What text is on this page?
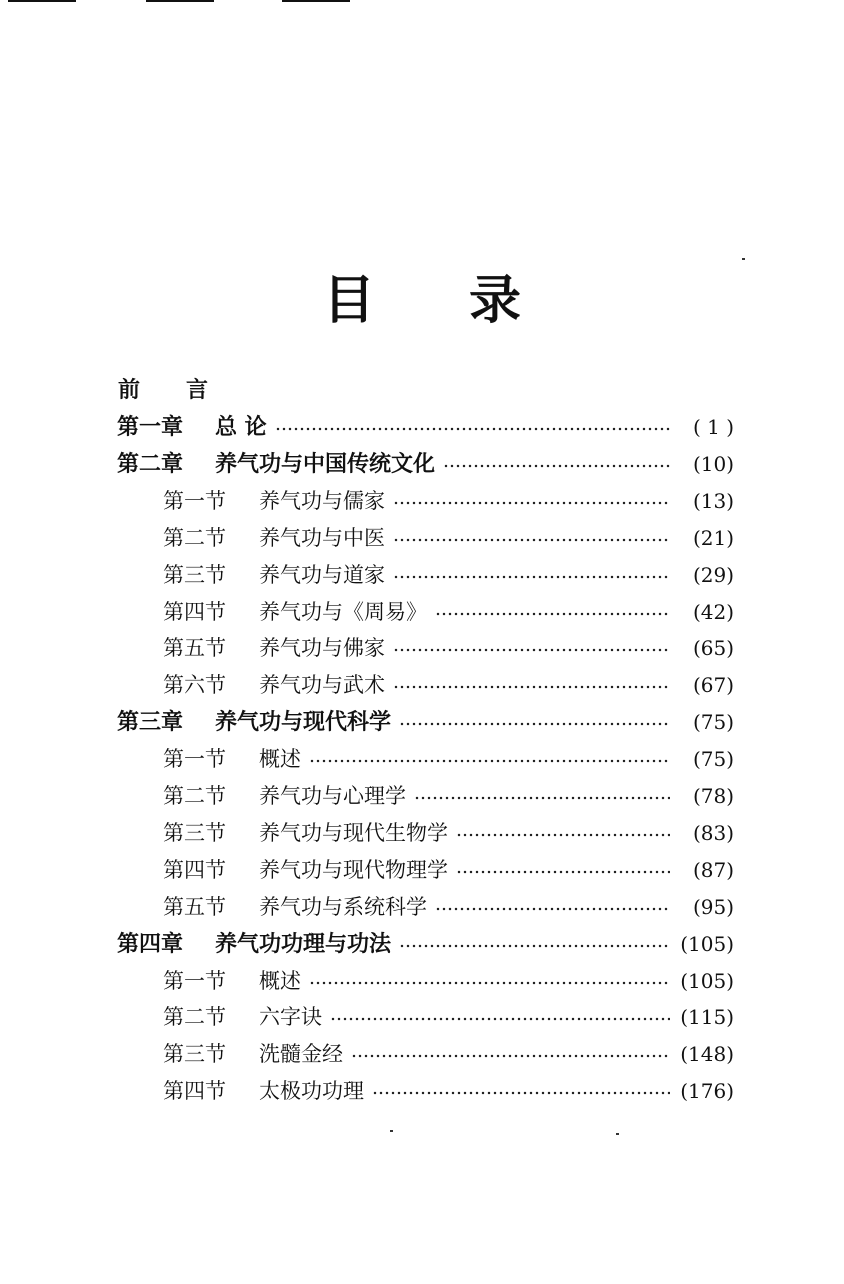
目 录
前言
第一章	总 论	( 1 )
第二章	养气功与中国传统文化	(10)
第一节	养气功与儒家	(13)
第二节	养气功与中医	(21)
第三节	养气功与道家	(29)
第四节	养气功与《周易》	(42)
第五节	养气功与佛家	(65)
第六节	养气功与武术	(67)
第三章	养气功与现代科学	(75)
第一节	概述	(75)
第二节	养气功与心理学	(78)
第三节	养气功与现代生物学	(83)
第四节	养气功与现代物理学	(87)
第五节	养气功与系统科学	(95)
第四章	养气功功理与功法	(105)
第一节	概述	(105)
第二节	六字诀	(115)
第三节	洗髓金经	(148)
第四节	太极功功理	(176)
